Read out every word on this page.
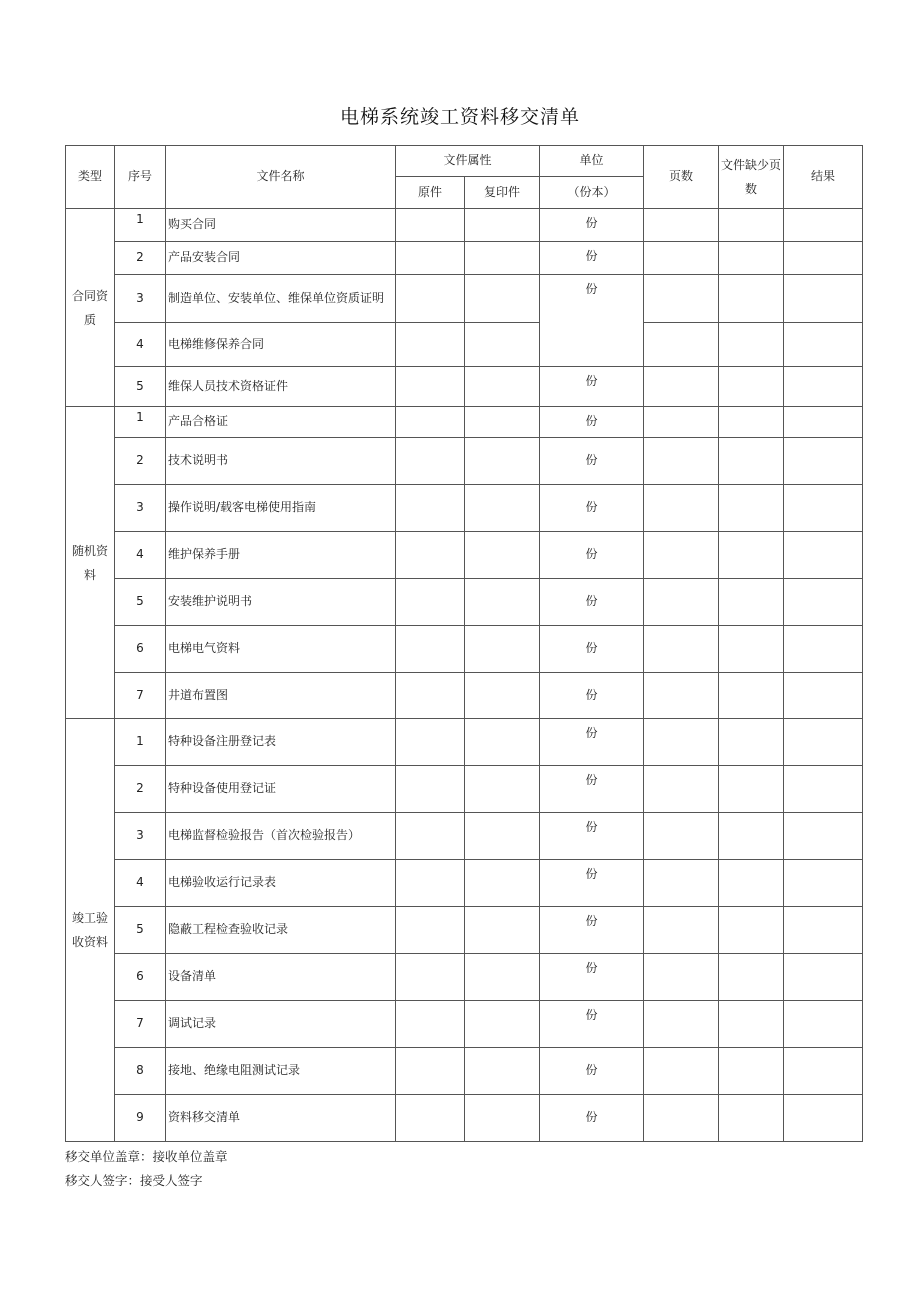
电梯系统竣工资料移交清单
类型	序号	文件名称	文件属性		单位	页数	文件缺少页数	结果
			原件	复印件	（份本）			
合同资质	1	购买合同			份			
	2	产品安装合同			份			
	3	制造单位、安装单位、维保单位资质证明			份			
	4	电梯维修保养合同						
	5	维保人员技术资格证件			份			
随机资料	1	产品合格证			份			
	2	技术说明书			份			
	3	操作说明/载客电梯使用指南			份			
	4	维护保养手册			份			
	5	安装维护说明书			份			
	6	电梯电气资料			份			
	7	井道布置图			份			
竣工验收资料	1	特种设备注册登记表			份			
	2	特种设备使用登记证			份			
	3	电梯监督检验报告（首次检验报告）			份			
	4	电梯验收运行记录表			份			
	5	隐蔽工程检查验收记录			份			
	6	设备清单			份			
	7	调试记录			份			
	8	接地、绝缘电阻测试记录			份			
	9	资料移交清单			份			
移交单位盖章：接收单位盖章
移交人签字：接受人签字
